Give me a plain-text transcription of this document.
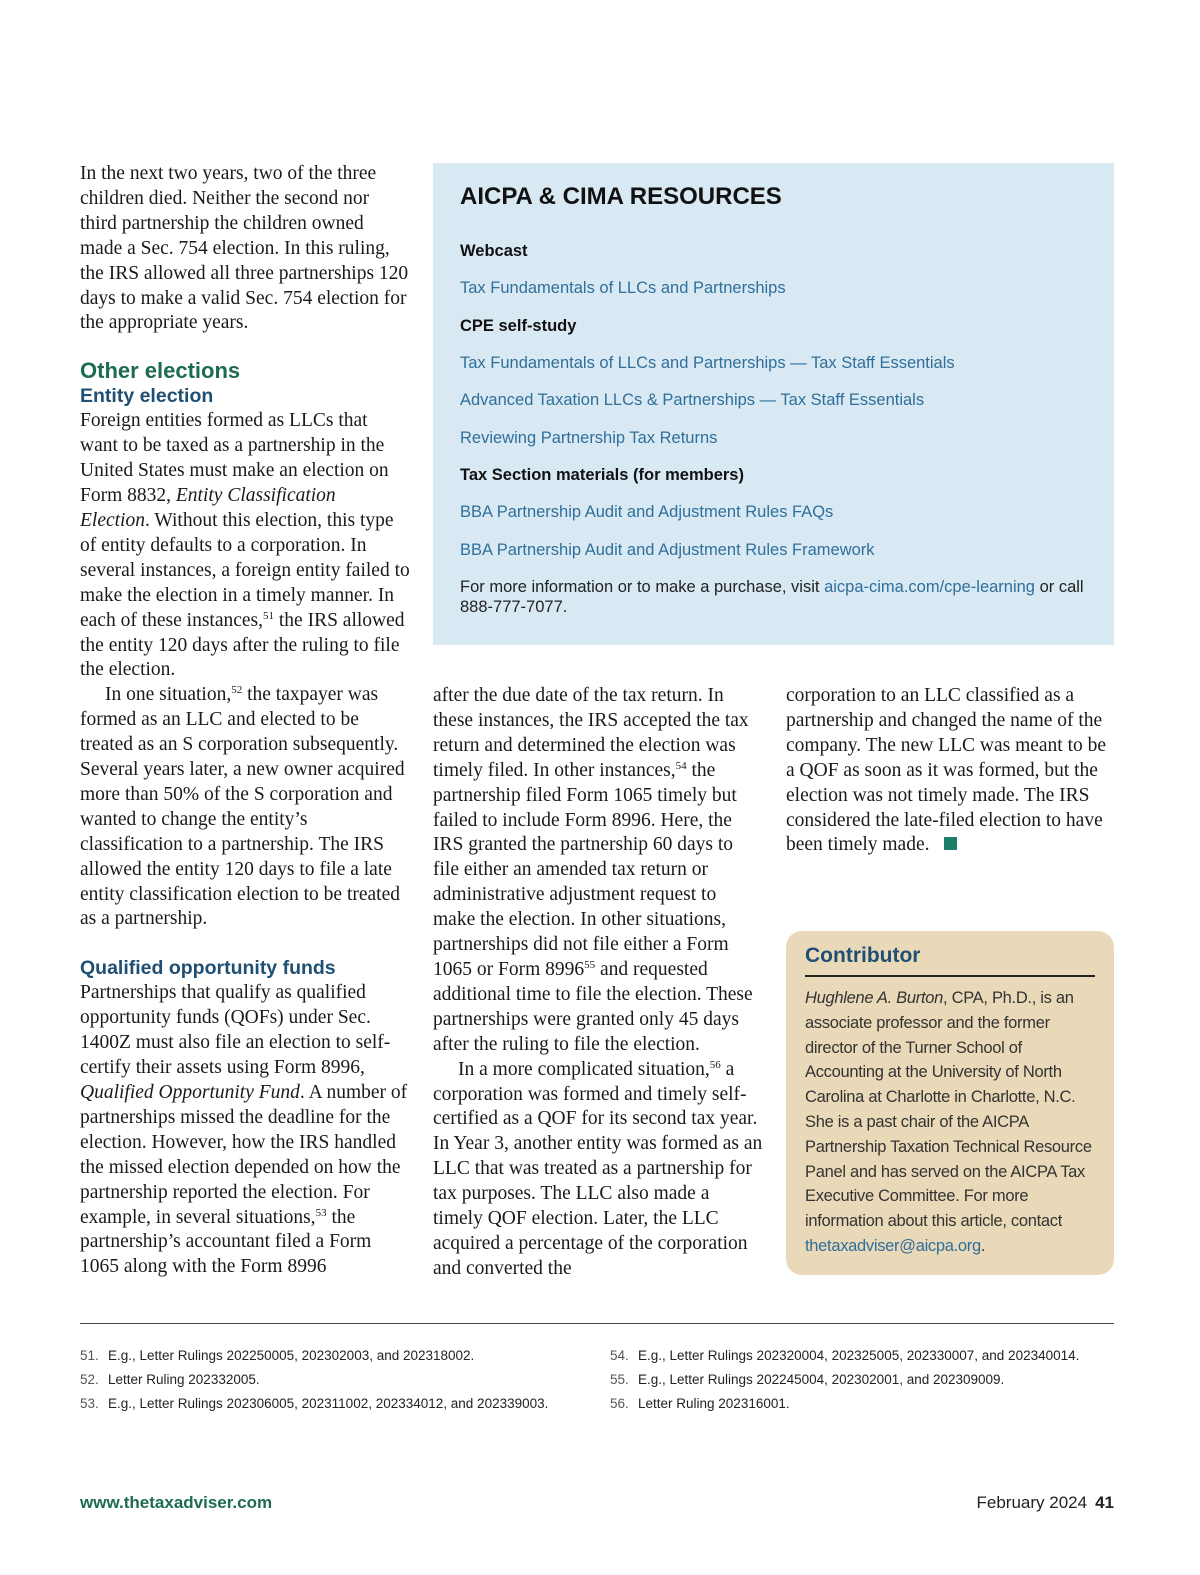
In the next two years, two of the three children died. Neither the second nor third partnership the children owned made a Sec. 754 election. In this ruling, the IRS allowed all three partnerships 120 days to make a valid Sec. 754 election for the appropriate years.

Other elections
Entity election

Foreign entities formed as LLCs that want to be taxed as a partnership in the United States must make an election on Form 8832, Entity Classification Election. Without this election, this type of entity defaults to a corporation. In several instances, a foreign entity failed to make the election in a timely manner. In each of these instances,$^{51}$ the IRS allowed the entity 120 days after the ruling to file the election.

In one situation,$^{52}$ the taxpayer was formed as an LLC and elected to be treated as an S corporation subsequently. Several years later, a new owner acquired more than 50% of the S corporation and wanted to change the entity’s classification to a partnership. The IRS allowed the entity 120 days to file a late entity classification election to be treated as a partnership.

Qualified opportunity funds

Partnerships that qualify as qualified opportunity funds (QOFs) under Sec. 1400Z must also file an election to self-certify their assets using Form 8996, Qualified Opportunity Fund. A number of partnerships missed the deadline for the election. However, how the IRS handled the missed election depended on how the partnership reported the election. For example, in several situations,$^{53}$ the partnership’s accountant filed a Form 1065 along with the Form 8996

AICPA & CIMA RESOURCES
Webcast
Tax Fundamentals of LLCs and Partnerships
CPE self-study
Tax Fundamentals of LLCs and Partnerships — Tax Staff Essentials
Advanced Taxation LLCs & Partnerships — Tax Staff Essentials
Reviewing Partnership Tax Returns
Tax Section materials (for members)
BBA Partnership Audit and Adjustment Rules FAQs
BBA Partnership Audit and Adjustment Rules Framework
For more information or to make a purchase, visit aicpa-cima.com/cpe-learning or call 888-777-7077.

after the due date of the tax return. In these instances, the IRS accepted the tax return and determined the election was timely filed. In other instances,$^{54}$ the partnership filed Form 1065 timely but failed to include Form 8996. Here, the IRS granted the partnership 60 days to file either an amended tax return or administrative adjustment request to make the election. In other situations, partnerships did not file either a Form 1065 or Form 8996$^{55}$ and requested additional time to file the election. These partnerships were granted only 45 days after the ruling to file the election.

In a more complicated situation,$^{56}$ a corporation was formed and timely self-certified as a QOF for its second tax year. In Year 3, another entity was formed as an LLC that was treated as a partnership for tax purposes. The LLC also made a timely QOF election. Later, the LLC acquired a percentage of the corporation and converted the

corporation to an LLC classified as a partnership and changed the name of the company. The new LLC was meant to be a QOF as soon as it was formed, but the election was not timely made. The IRS considered the late-filed election to have been timely made.

Contributor
Hughlene A. Burton, CPA, Ph.D., is an associate professor and the former director of the Turner School of Accounting at the University of North Carolina at Charlotte in Charlotte, N.C. She is a past chair of the AICPA Partnership Taxation Technical Resource Panel and has served on the AICPA Tax Executive Committee. For more information about this article, contact thetaxadviser@aicpa.org.
51. E.g., Letter Rulings 202250005, 202302003, and 202318002.
52. Letter Ruling 202332005.
53. E.g., Letter Rulings 202306005, 202311002, 202334012, and 202339003.
54. E.g., Letter Rulings 202320004, 202325005, 202330007, and 202340014.
55. E.g., Letter Rulings 202245004, 202302001, and 202309009.
56. Letter Ruling 202316001.
www.thetaxadviser.com	February 2024 41
